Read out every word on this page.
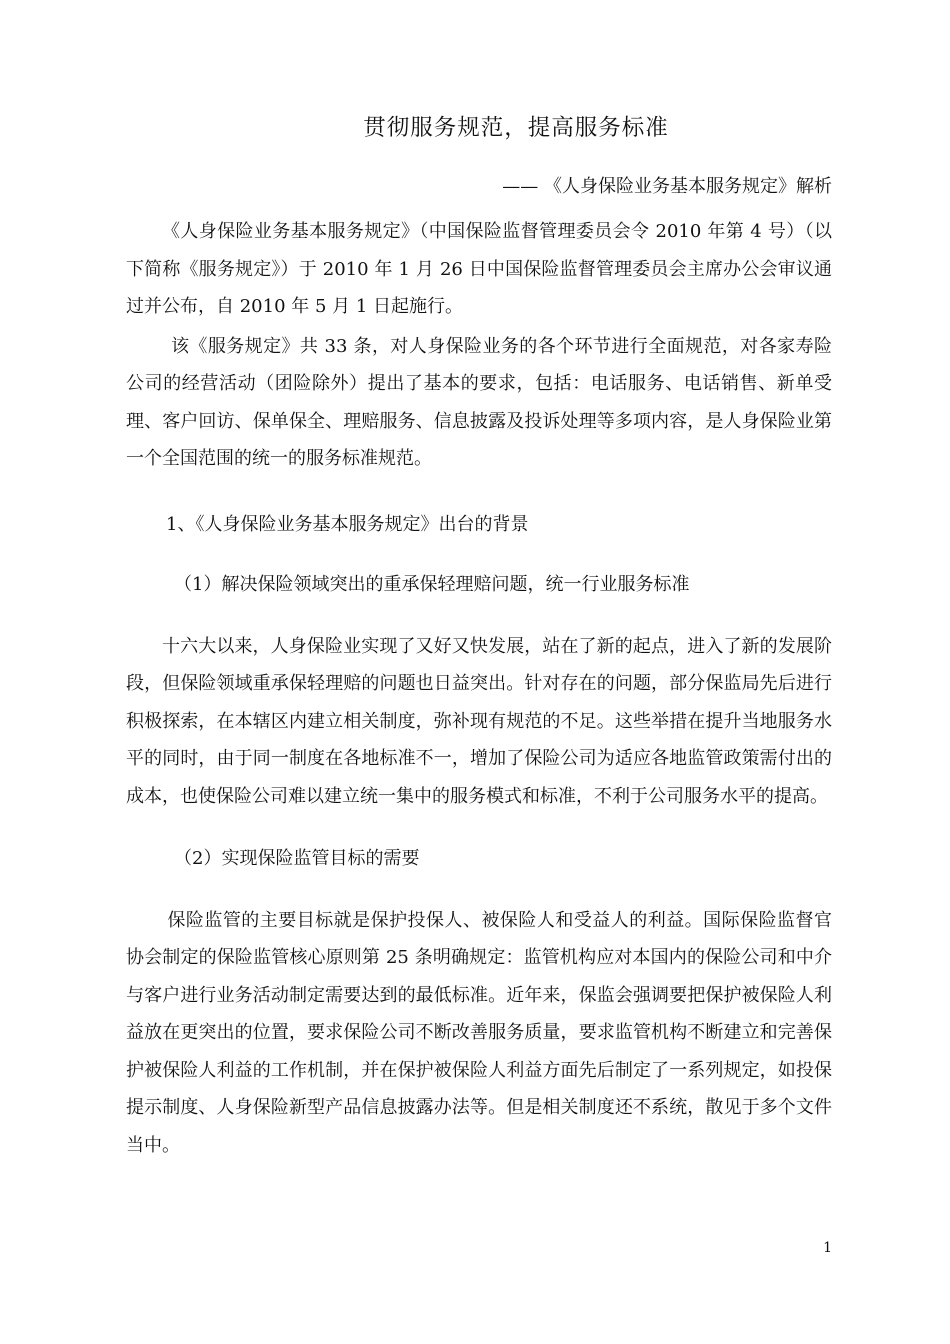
贯彻服务规范，提高服务标准

—— 《人身保险业务基本服务规定》解析

《人身保险业务基本服务规定》（中国保险监督管理委员会令 2010 年第 4 号）（以下简称《服务规定》）于 2010 年 1 月 26 日中国保险监督管理委员会主席办公会审议通过并公布，自 2010 年 5 月 1 日起施行。

该《服务规定》共 33 条，对人身保险业务的各个环节进行全面规范，对各家寿险公司的经营活动（团险除外）提出了基本的要求，包括：电话服务、电话销售、新单受理、客户回访、保单保全、理赔服务、信息披露及投诉处理等多项内容，是人身保险业第一个全国范围的统一的服务标准规范。

1、《人身保险业务基本服务规定》出台的背景

（1）解决保险领域突出的重承保轻理赔问题，统一行业服务标准

十六大以来，人身保险业实现了又好又快发展，站在了新的起点，进入了新的发展阶段，但保险领域重承保轻理赔的问题也日益突出。针对存在的问题，部分保监局先后进行积极探索，在本辖区内建立相关制度，弥补现有规范的不足。这些举措在提升当地服务水平的同时，由于同一制度在各地标准不一，增加了保险公司为适应各地监管政策需付出的成本，也使保险公司难以建立统一集中的服务模式和标准，不利于公司服务水平的提高。

（2）实现保险监管目标的需要

保险监管的主要目标就是保护投保人、被保险人和受益人的利益。国际保险监督官协会制定的保险监管核心原则第 25 条明确规定：监管机构应对本国内的保险公司和中介与客户进行业务活动制定需要达到的最低标准。近年来，保监会强调要把保护被保险人利益放在更突出的位置，要求保险公司不断改善服务质量，要求监管机构不断建立和完善保护被保险人利益的工作机制，并在保护被保险人利益方面先后制定了一系列规定，如投保提示制度、人身保险新型产品信息披露办法等。但是相关制度还不系统，散见于多个文件当中。

1
